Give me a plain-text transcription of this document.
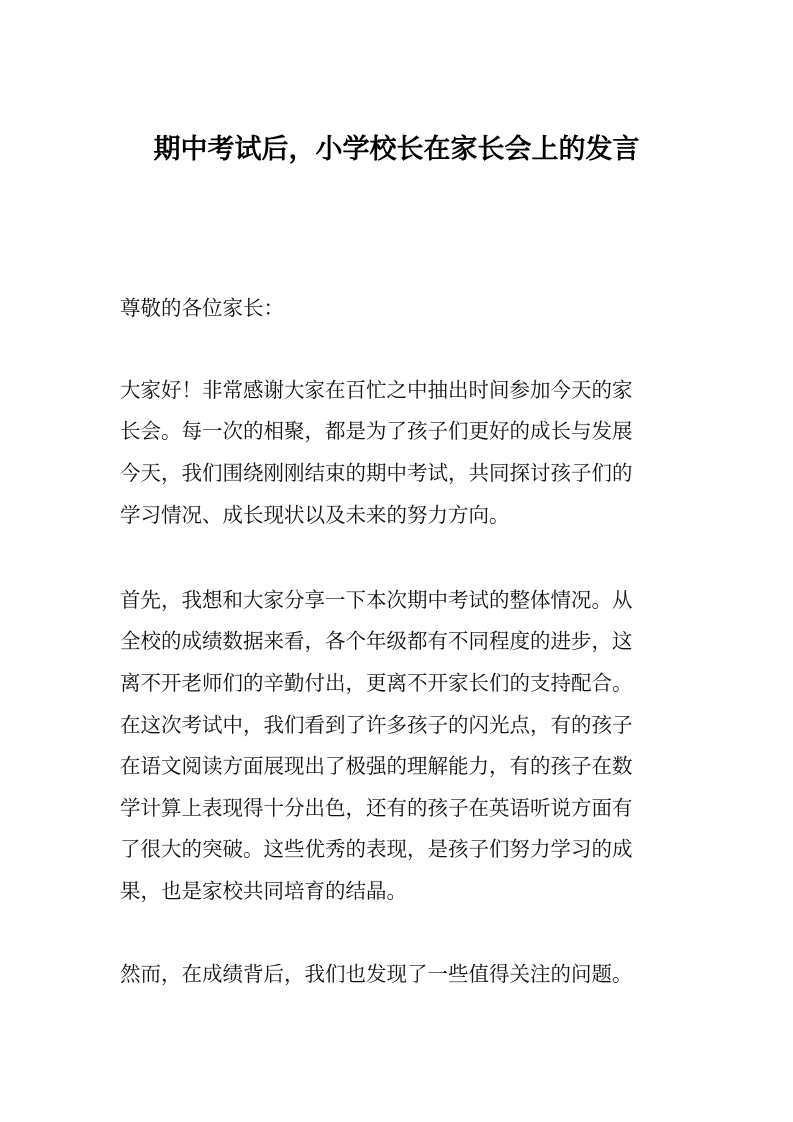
期中考试后，小学校长在家长会上的发言
尊敬的各位家长：
大家好！非常感谢大家在百忙之中抽出时间参加今天的家
长会。每一次的相聚，都是为了孩子们更好的成长与发展
今天，我们围绕刚刚结束的期中考试，共同探讨孩子们的
学习情况、成长现状以及未来的努力方向。
首先，我想和大家分享一下本次期中考试的整体情况。从
全校的成绩数据来看，各个年级都有不同程度的进步，这
离不开老师们的辛勤付出，更离不开家长们的支持配合。
在这次考试中，我们看到了许多孩子的闪光点，有的孩子
在语文阅读方面展现出了极强的理解能力，有的孩子在数
学计算上表现得十分出色，还有的孩子在英语听说方面有
了很大的突破。这些优秀的表现，是孩子们努力学习的成
果，也是家校共同培育的结晶。
然而，在成绩背后，我们也发现了一些值得关注的问题。
